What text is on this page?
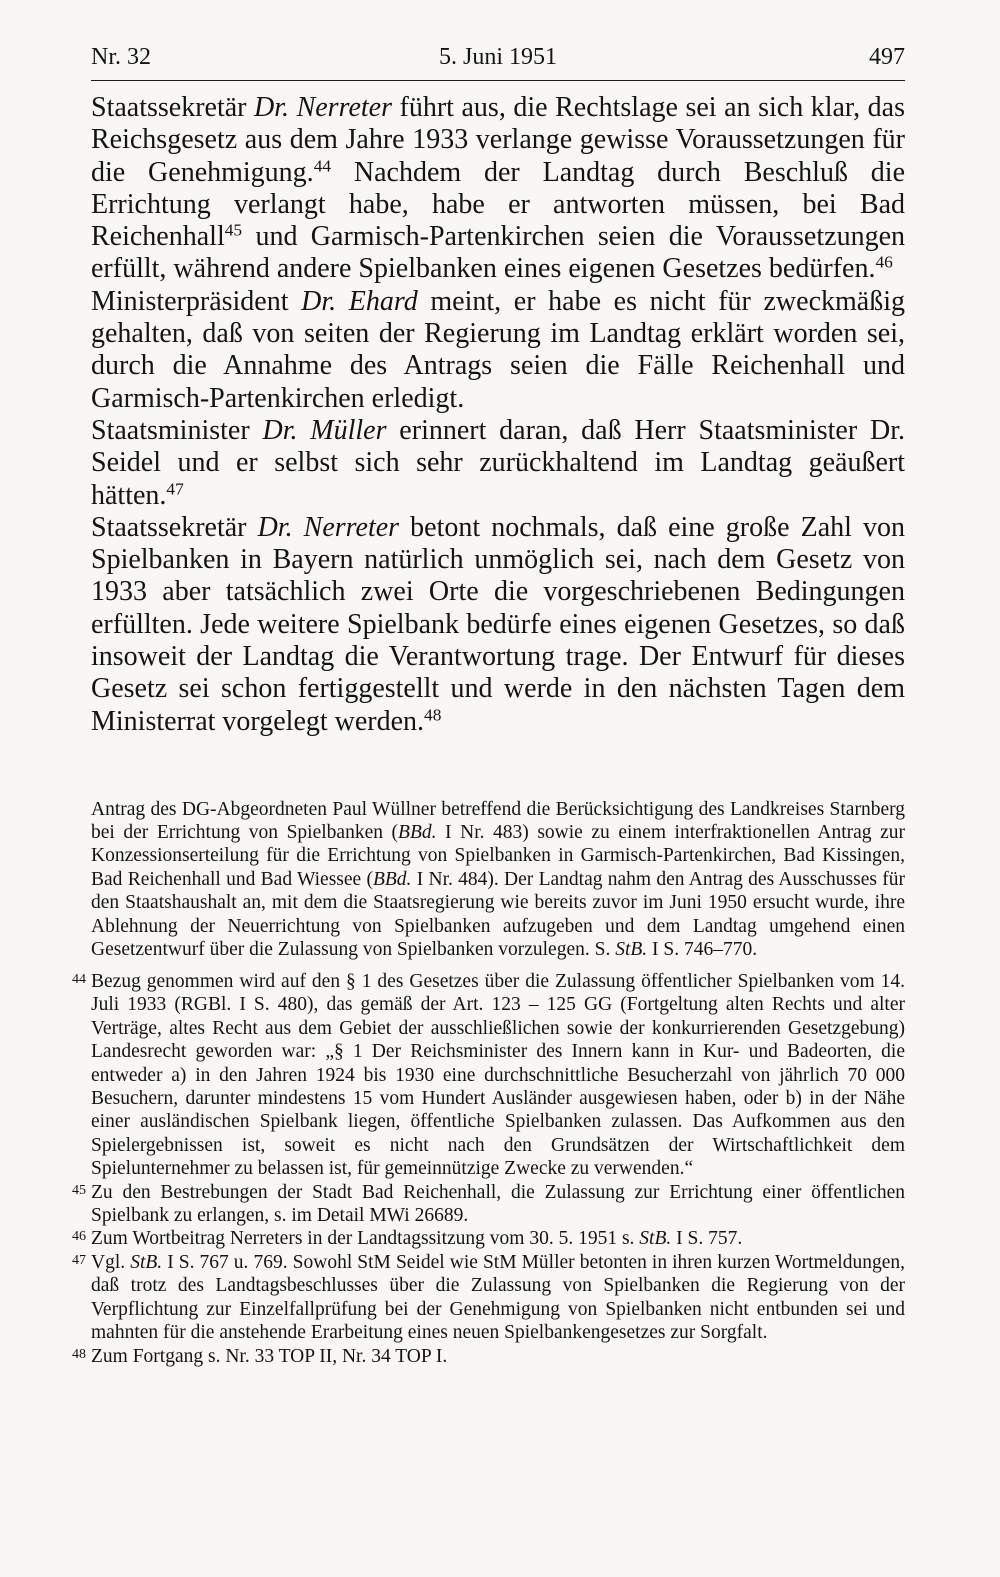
Nr. 32	5. Juni 1951	497

Staatssekretär Dr. Nerreter führt aus, die Rechtslage sei an sich klar, das Reichsgesetz aus dem Jahre 1933 verlange gewisse Voraussetzungen für die Genehmigung.$^{44}$ Nachdem der Landtag durch Beschluß die Errichtung verlangt habe, habe er antworten müssen, bei Bad Reichenhall$^{45}$ und Garmisch-Partenkirchen seien die Voraussetzungen erfüllt, während andere Spielbanken eines eigenen Gesetzes bedürfen.$^{46}$

Ministerpräsident Dr. Ehard meint, er habe es nicht für zweckmäßig gehalten, daß von seiten der Regierung im Landtag erklärt worden sei, durch die Annahme des Antrags seien die Fälle Reichenhall und Garmisch-Partenkirchen erledigt.

Staatsminister Dr. Müller erinnert daran, daß Herr Staatsminister Dr. Seidel und er selbst sich sehr zurückhaltend im Landtag geäußert hätten.$^{47}$

Staatssekretär Dr. Nerreter betont nochmals, daß eine große Zahl von Spielbanken in Bayern natürlich unmöglich sei, nach dem Gesetz von 1933 aber tatsächlich zwei Orte die vorgeschriebenen Bedingungen erfüllten. Jede weitere Spielbank bedürfe eines eigenen Gesetzes, so daß insoweit der Landtag die Verantwortung trage. Der Entwurf für dieses Gesetz sei schon fertiggestellt und werde in den nächsten Tagen dem Ministerrat vorgelegt werden.$^{48}$

Antrag des DG-Abgeordneten Paul Wüllner betreffend die Berücksichtigung des Landkreises Starnberg bei der Errichtung von Spielbanken (BBd. I Nr. 483) sowie zu einem interfraktionellen Antrag zur Konzessionserteilung für die Errichtung von Spielbanken in Garmisch-Partenkirchen, Bad Kissingen, Bad Reichenhall und Bad Wiessee (BBd. I Nr. 484). Der Landtag nahm den Antrag des Ausschusses für den Staatshaushalt an, mit dem die Staatsregierung wie bereits zuvor im Juni 1950 ersucht wurde, ihre Ablehnung der Neuerrichtung von Spielbanken aufzugeben und dem Landtag umgehend einen Gesetzentwurf über die Zulassung von Spielbanken vorzulegen. S. StB. I S. 746–770.

44 Bezug genommen wird auf den § 1 des Gesetzes über die Zulassung öffentlicher Spielbanken vom 14. Juli 1933 (RGBl. I S. 480), das gemäß der Art. 123 – 125 GG (Fortgeltung alten Rechts und alter Verträge, altes Recht aus dem Gebiet der ausschließlichen sowie der konkurrierenden Gesetzgebung) Landesrecht geworden war: „§ 1 Der Reichsminister des Innern kann in Kur- und Badeorten, die entweder a) in den Jahren 1924 bis 1930 eine durchschnittliche Besucherzahl von jährlich 70 000 Besuchern, darunter mindestens 15 vom Hundert Ausländer ausgewiesen haben, oder b) in der Nähe einer ausländischen Spielbank liegen, öffentliche Spielbanken zulassen. Das Aufkommen aus den Spielergebnissen ist, soweit es nicht nach den Grundsätzen der Wirtschaftlichkeit dem Spielunternehmer zu belassen ist, für gemeinnützige Zwecke zu verwenden.“

45 Zu den Bestrebungen der Stadt Bad Reichenhall, die Zulassung zur Errichtung einer öffentlichen Spielbank zu erlangen, s. im Detail MWi 26689.

46 Zum Wortbeitrag Nerreters in der Landtagssitzung vom 30. 5. 1951 s. StB. I S. 757.

47 Vgl. StB. I S. 767 u. 769. Sowohl StM Seidel wie StM Müller betonten in ihren kurzen Wortmeldungen, daß trotz des Landtagsbeschlusses über die Zulassung von Spielbanken die Regierung von der Verpflichtung zur Einzelfallprüfung bei der Genehmigung von Spielbanken nicht entbunden sei und mahnten für die anstehende Erarbeitung eines neuen Spielbankengesetzes zur Sorgfalt.

48 Zum Fortgang s. Nr. 33 TOP II, Nr. 34 TOP I.
